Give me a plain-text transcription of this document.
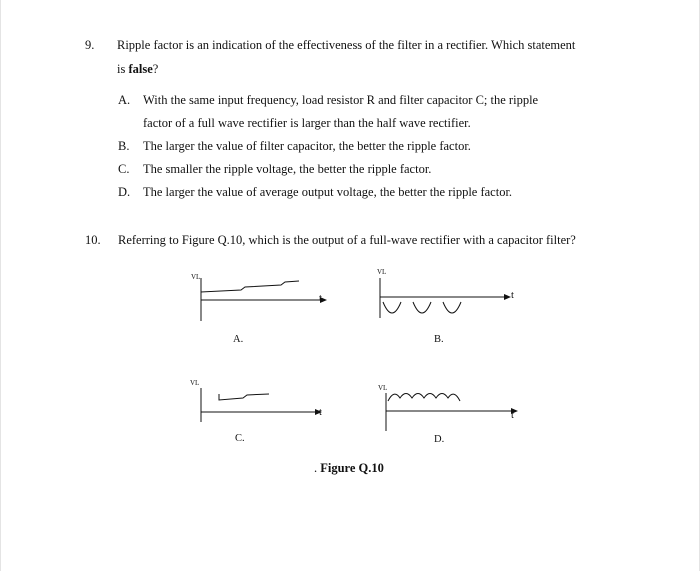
9. Ripple factor is an indication of the effectiveness of the filter in a rectifier. Which statement
is false?
A. With the same input frequency, load resistor R and filter capacitor C; the ripple
factor of a full wave rectifier is larger than the half wave rectifier.
B. The larger the value of filter capacitor, the better the ripple factor.
C. The smaller the ripple voltage, the better the ripple factor.
D. The larger the value of average output voltage, the better the ripple factor.
10. Referring to Figure Q.10, which is the output of a full-wave rectifier with a capacitor filter?
VL
t
A.
VL
t
B.
VL
t
C.
VL
t
D.
. Figure Q.10
